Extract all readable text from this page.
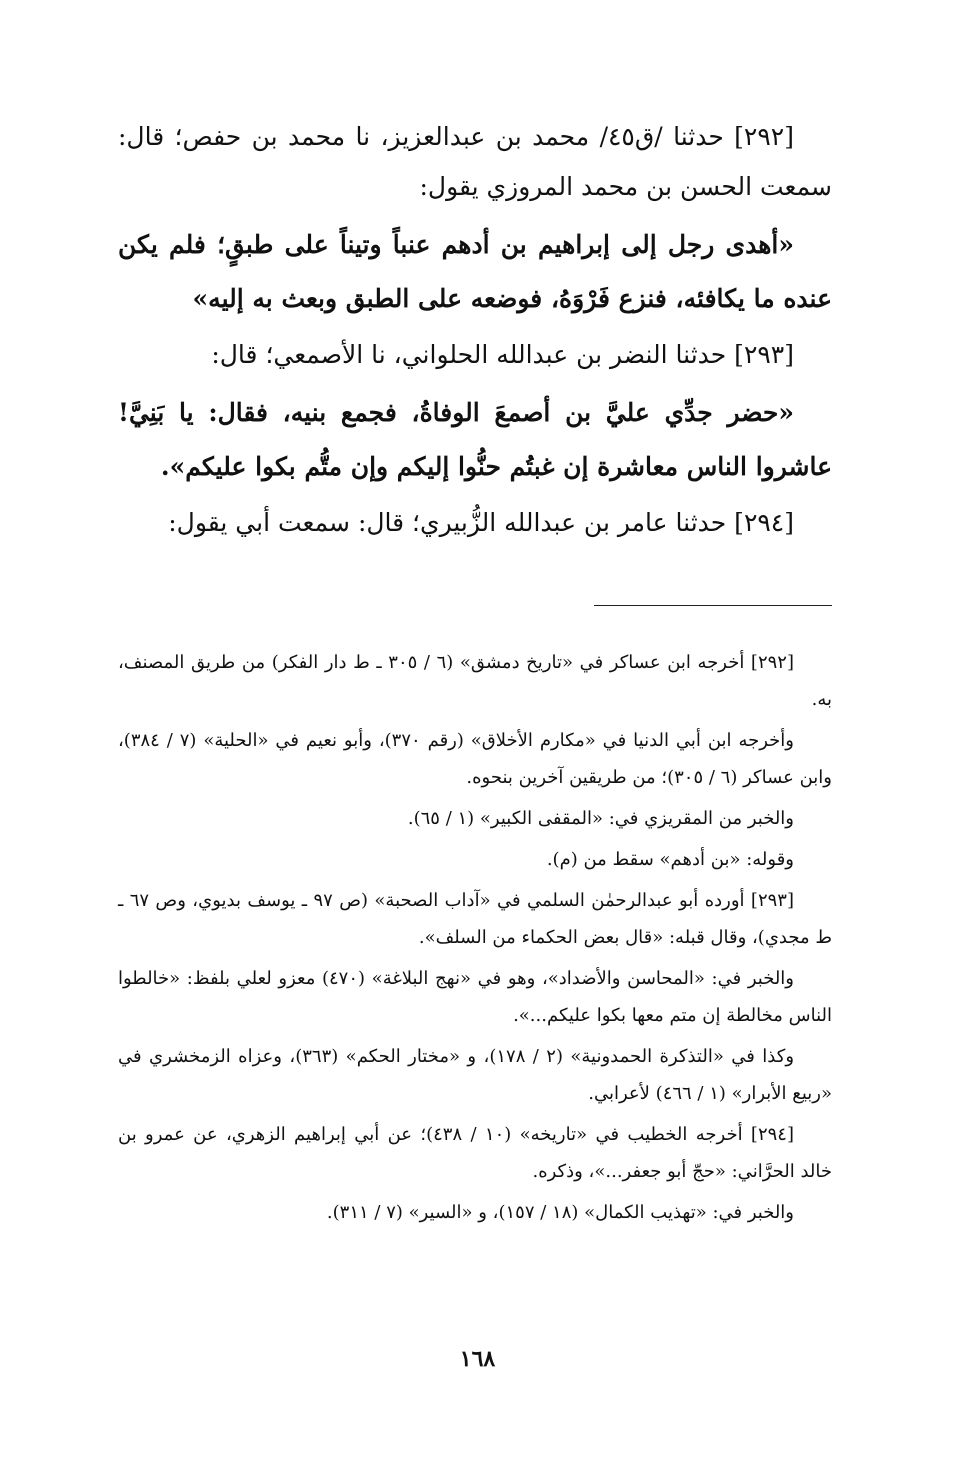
[٢٩٢] حدثنا /ق٤٥/ محمد بن عبدالعزيز، نا محمد بن حفص؛ قال: سمعت الحسن بن محمد المروزي يقول:

«أهدى رجل إلى إبراهيم بن أدهم عنباً وتيناً على طبقٍ؛ فلم يكن عنده ما يكافئه، فنزع فَرْوَهُ، فوضعه على الطبق وبعث به إليه»

[٢٩٣] حدثنا النضر بن عبدالله الحلواني، نا الأصمعي؛ قال:

«حضر جدِّي عليَّ بن أصمعَ الوفاةُ، فجمع بنيه، فقال: يا بَنِيَّ! عاشروا الناس معاشرة إن غبتُم حنُّوا إليكم وإن متُّم بكوا عليكم».

[٢٩٤] حدثنا عامر بن عبدالله الزُّبيري؛ قال: سمعت أبي يقول:

[٢٩٢] أخرجه ابن عساكر في «تاريخ دمشق» (٦ / ٣٠٥ ـ ط دار الفكر) من طريق المصنف، به.

وأخرجه ابن أبي الدنيا في «مكارم الأخلاق» (رقم ٣٧٠)، وأبو نعيم في «الحلية» (٧ / ٣٨٤)، وابن عساكر (٦ / ٣٠٥)؛ من طريقين آخرين بنحوه.

والخبر من المقريزي في: «المقفى الكبير» (١ / ٦٥).

وقوله: «بن أدهم» سقط من (م).

[٢٩٣] أورده أبو عبدالرحمٰن السلمي في «آداب الصحبة» (ص ٩٧ ـ يوسف بديوي، وص ٦٧ ـ ط مجدي)، وقال قبله: «قال بعض الحكماء من السلف».

والخبر في: «المحاسن والأضداد»، وهو في «نهج البلاغة» (٤٧٠) معزو لعلي بلفظ: «خالطوا الناس مخالطة إن متم معها بكوا عليكم...».

وكذا في «التذكرة الحمدونية» (٢ / ١٧٨)، و «مختار الحكم» (٣٦٣)، وعزاه الزمخشري في «ربيع الأبرار» (١ / ٤٦٦) لأعرابي.

[٢٩٤] أخرجه الخطيب في «تاريخه» (١٠ / ٤٣٨)؛ عن أبي إبراهيم الزهري، عن عمرو بن خالد الحرَّاني: «حجّ أبو جعفر...»، وذكره.

والخبر في: «تهذيب الكمال» (١٨ / ١٥٧)، و «السير» (٧ / ٣١١).

١٦٨
